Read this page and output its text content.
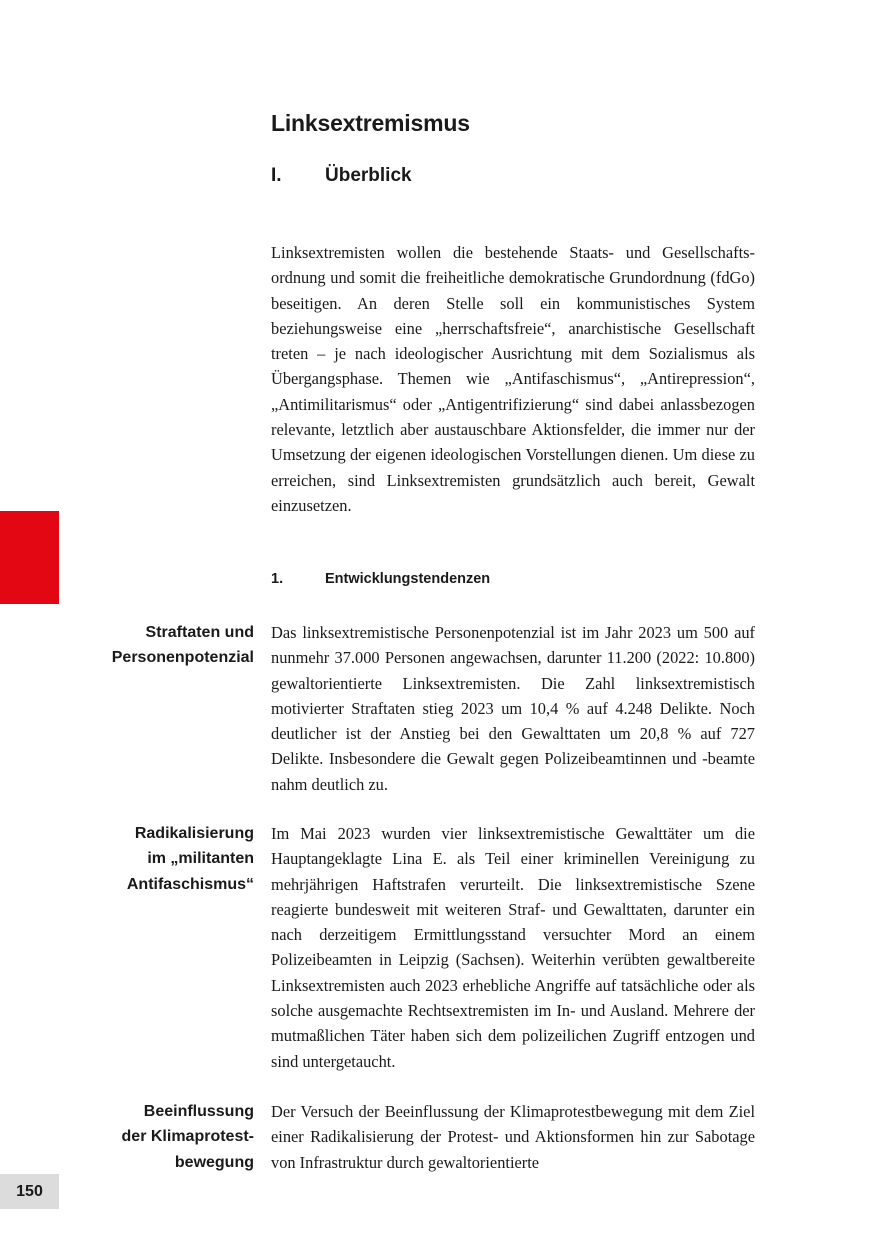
Linksextremismus
I. Überblick

Linksextremisten wollen die bestehende Staats- und Gesellschaftsordnung und somit die freiheitliche demokratische Grundordnung (fdGo) beseitigen. An deren Stelle soll ein kommunistisches System beziehungsweise eine „herrschaftsfreie“, anarchistische Gesellschaft treten – je nach ideologischer Ausrichtung mit dem Sozialismus als Übergangsphase. Themen wie „Antifaschismus“, „Antirepression“, „Antimilitarismus“ oder „Antigentrifizierung“ sind dabei anlassbezogen relevante, letztlich aber austauschbare Aktionsfelder, die immer nur der Umsetzung der eigenen ideologischen Vorstellungen dienen. Um diese zu erreichen, sind Linksextremisten grundsätzlich auch bereit, Gewalt einzusetzen.

1.	Entwicklungstendenzen
Straftaten und
Personenpotenzial

Das linksextremistische Personenpotenzial ist im Jahr 2023 um 500 auf nunmehr 37.000 Personen angewachsen, darunter 11.200 (2022: 10.800) gewaltorientierte Linksextremisten. Die Zahl linksextremistisch motivierter Straftaten stieg 2023 um 10,4 % auf 4.248 Delikte. Noch deutlicher ist der Anstieg bei den Gewalttaten um 20,8 % auf 727 Delikte. Insbesondere die Gewalt gegen Polizeibeamtinnen und -beamte nahm deutlich zu.

Radikalisierung
im „militanten
Antifaschismus“

Im Mai 2023 wurden vier linksextremistische Gewalttäter um die Hauptangeklagte Lina E. als Teil einer kriminellen Vereinigung zu mehrjährigen Haftstrafen verurteilt. Die linksextremistische Szene reagierte bundesweit mit weiteren Straf- und Gewalttaten, darunter ein nach derzeitigem Ermittlungsstand versuchter Mord an einem Polizeibeamten in Leipzig (Sachsen). Weiterhin verübten gewaltbereite Linksextremisten auch 2023 erhebliche Angriffe auf tatsächliche oder als solche ausgemachte Rechtsextremisten im In- und Ausland. Mehrere der mutmaßlichen Täter haben sich dem polizeilichen Zugriff entzogen und sind untergetaucht.

Beeinflussung
der Klimaprotest-
bewegung

Der Versuch der Beeinflussung der Klimaprotestbewegung mit dem Ziel einer Radikalisierung der Protest- und Aktionsformen hin zur Sabotage von Infrastruktur durch gewaltorientierte

150
